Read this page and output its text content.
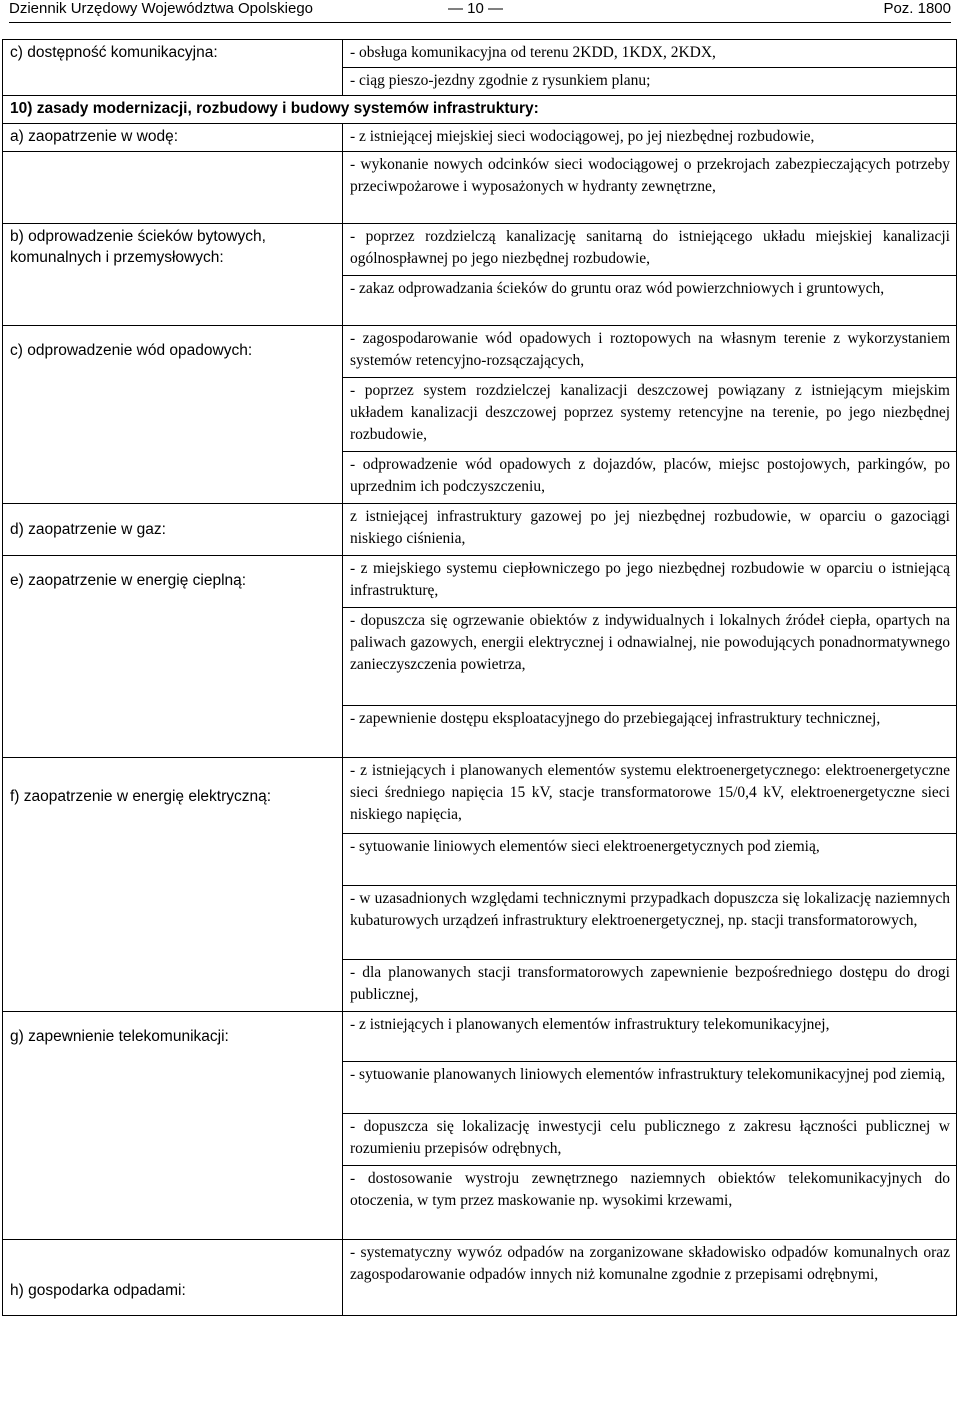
Dziennik Urzędowy Województwa Opolskiego	— 10 —	Poz. 1800
c) dostępność komunikacyjna:	- obsługa komunikacyjna od terenu 2KDD, 1KDX, 2KDX,
	- ciąg pieszo-jezdny zgodnie z rysunkiem planu;
10) zasady modernizacji, rozbudowy i budowy systemów infrastruktury:	
a) zaopatrzenie w wodę:	- z istniejącej miejskiej sieci wodociągowej, po jej niezbędnej rozbudowie,
	- wykonanie nowych odcinków sieci wodociągowej o przekrojach zabezpieczających potrzeby przeciwpożarowe i wyposażonych w hydranty zewnętrzne,
b) odprowadzenie ścieków bytowych, komunalnych i przemysłowych:	- poprzez rozdzielczą kanalizację sanitarną do istniejącego układu miejskiej kanalizacji ogólnospławnej po jego niezbędnej rozbudowie,
	- zakaz odprowadzania ścieków do gruntu oraz wód powierzchniowych i gruntowych,
c) odprowadzenie wód opadowych:	- zagospodarowanie wód opadowych i roztopowych na własnym terenie z wykorzystaniem systemów retencyjno-rozsączających,
	- poprzez system rozdzielczej kanalizacji deszczowej powiązany z istniejącym miejskim układem kanalizacji deszczowej poprzez systemy retencyjne na terenie, po jego niezbędnej rozbudowie,
	- odprowadzenie wód opadowych z dojazdów, placów, miejsc postojowych, parkingów, po uprzednim ich podczyszczeniu,
d) zaopatrzenie w gaz:	z istniejącej infrastruktury gazowej po jej niezbędnej rozbudowie, w oparciu o gazociągi niskiego ciśnienia,
e) zaopatrzenie w energię cieplną:	- z miejskiego systemu ciepłowniczego po jego niezbędnej rozbudowie w oparciu o istniejącą infrastrukturę,
	- dopuszcza się ogrzewanie obiektów z indywidualnych i lokalnych źródeł ciepła, opartych na paliwach gazowych, energii elektrycznej i odnawialnej, nie powodujących ponadnormatywnego zanieczyszczenia powietrza,
	- zapewnienie dostępu eksploatacyjnego do przebiegającej infrastruktury technicznej,
f) zaopatrzenie w energię elektryczną:	- z istniejących i planowanych elementów systemu elektroenergetycznego: elektroenergetyczne sieci średniego napięcia 15 kV, stacje transformatorowe 15/0,4 kV, elektroenergetyczne sieci niskiego napięcia,
	- sytuowanie liniowych elementów sieci elektroenergetycznych pod ziemią,
	- w uzasadnionych względami technicznymi przypadkach dopuszcza się lokalizację naziemnych kubaturowych urządzeń infrastruktury elektroenergetycznej, np. stacji transformatorowych,
	- dla planowanych stacji transformatorowych zapewnienie bezpośredniego dostępu do drogi publicznej,
g) zapewnienie telekomunikacji:	- z istniejących i planowanych elementów infrastruktury telekomunikacyjnej,
	- sytuowanie planowanych liniowych elementów infrastruktury telekomunikacyjnej pod ziemią,
	- dopuszcza się lokalizację inwestycji celu publicznego z zakresu łączności publicznej w rozumieniu przepisów odrębnych,
	- dostosowanie wystroju zewnętrznego naziemnych obiektów telekomunikacyjnych do otoczenia, w tym przez maskowanie np. wysokimi krzewami,
h) gospodarka odpadami:	- systematyczny wywóz odpadów na zorganizowane składowisko odpadów komunalnych oraz zagospodarowanie odpadów innych niż komunalne zgodnie z przepisami odrębnymi,
